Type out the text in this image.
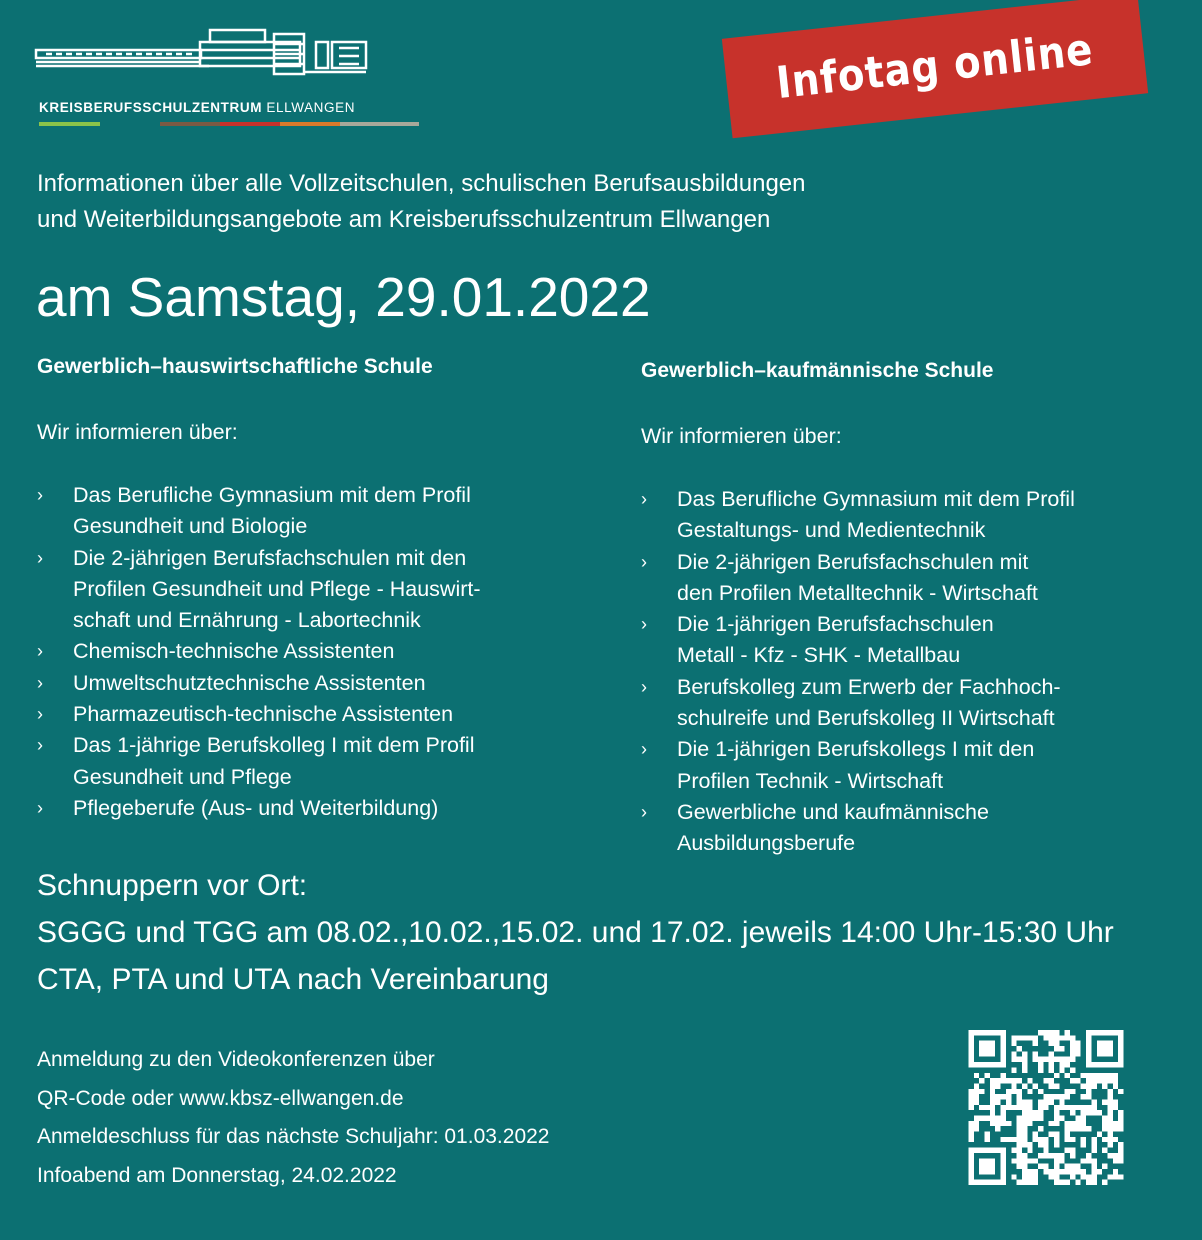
KREISBERUFSSCHULZENTRUM ELLWANGEN	Infotag online
Informationen über alle Vollzeitschulen, schulischen Berufsausbildungen
und Weiterbildungsangebote am Kreisberufsschulzentrum Ellwangen
am Samstag, 29.01.2022
Gewerblich–hauswirtschaftliche Schule
Wir informieren über:
› Das Berufliche Gymnasium mit dem Profil
Gesundheit und Biologie
› Die 2-jährigen Berufsfachschulen mit den
Profilen Gesundheit und Pflege - Hauswirt-
schaft und Ernährung - Labortechnik
› Chemisch-technische Assistenten
› Umweltschutztechnische Assistenten
› Pharmazeutisch-technische Assistenten
› Das 1-jährige Berufskolleg I mit dem Profil
Gesundheit und Pflege
› Pflegeberufe (Aus- und Weiterbildung)
Gewerblich–kaufmännische Schule
Wir informieren über:
› Das Berufliche Gymnasium mit dem Profil
Gestaltungs- und Medientechnik
› Die 2-jährigen Berufsfachschulen mit
den Profilen Metalltechnik - Wirtschaft
› Die 1-jährigen Berufsfachschulen
Metall - Kfz - SHK - Metallbau
› Berufskolleg zum Erwerb der Fachhoch-
schulreife und Berufskolleg II Wirtschaft
› Die 1-jährigen Berufskollegs I mit den
Profilen Technik - Wirtschaft
› Gewerbliche und kaufmännische
Ausbildungsberufe
Schnuppern vor Ort:
SGGG und TGG am 08.02.,10.02.,15.02. und 17.02. jeweils 14:00 Uhr-15:30 Uhr
CTA, PTA und UTA nach Vereinbarung
Anmeldung zu den Videokonferenzen über
QR-Code oder www.kbsz-ellwangen.de
Anmeldeschluss für das nächste Schuljahr: 01.03.2022
Infoabend am Donnerstag, 24.02.2022
